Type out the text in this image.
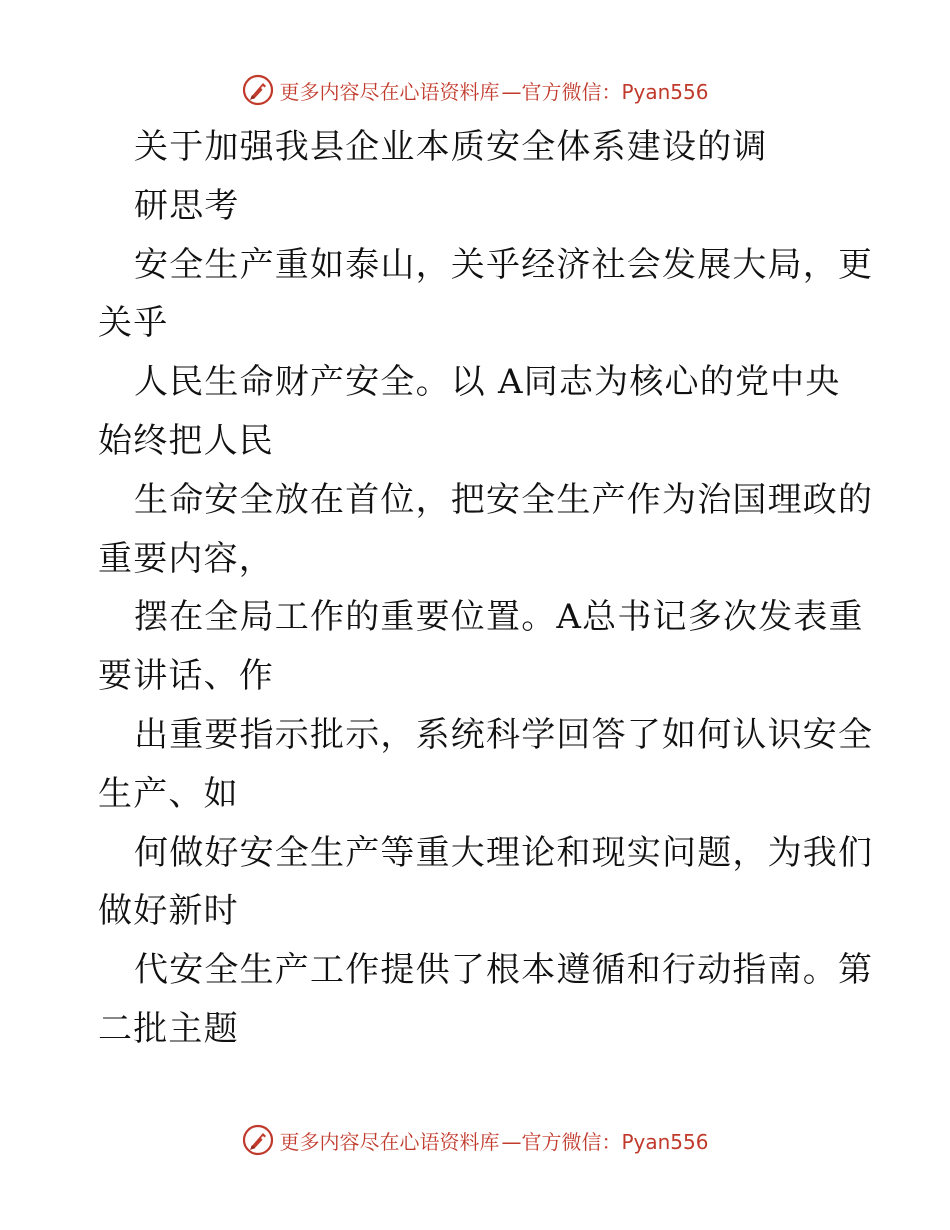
更多内容尽在心语资料库 —官方微信：Pyan556
关于加强我县企业本质安全体系建设的调
研思考
安全生产重如泰山，关乎经济社会发展大局，更
关乎
人民生命财产安全。以 A同志为核心的党中央
始终把人民
生命安全放在首位，把安全生产作为治国理政的
重要内容，
摆在全局工作的重要位置。A总书记多次发表重
要讲话、作
出重要指示批示，系统科学回答了如何认识安全
生产、如
何做好安全生产等重大理论和现实问题，为我们
做好新时
代安全生产工作提供了根本遵循和行动指南。第
二批主题
更多内容尽在心语资料库 —官方微信：Pyan556
